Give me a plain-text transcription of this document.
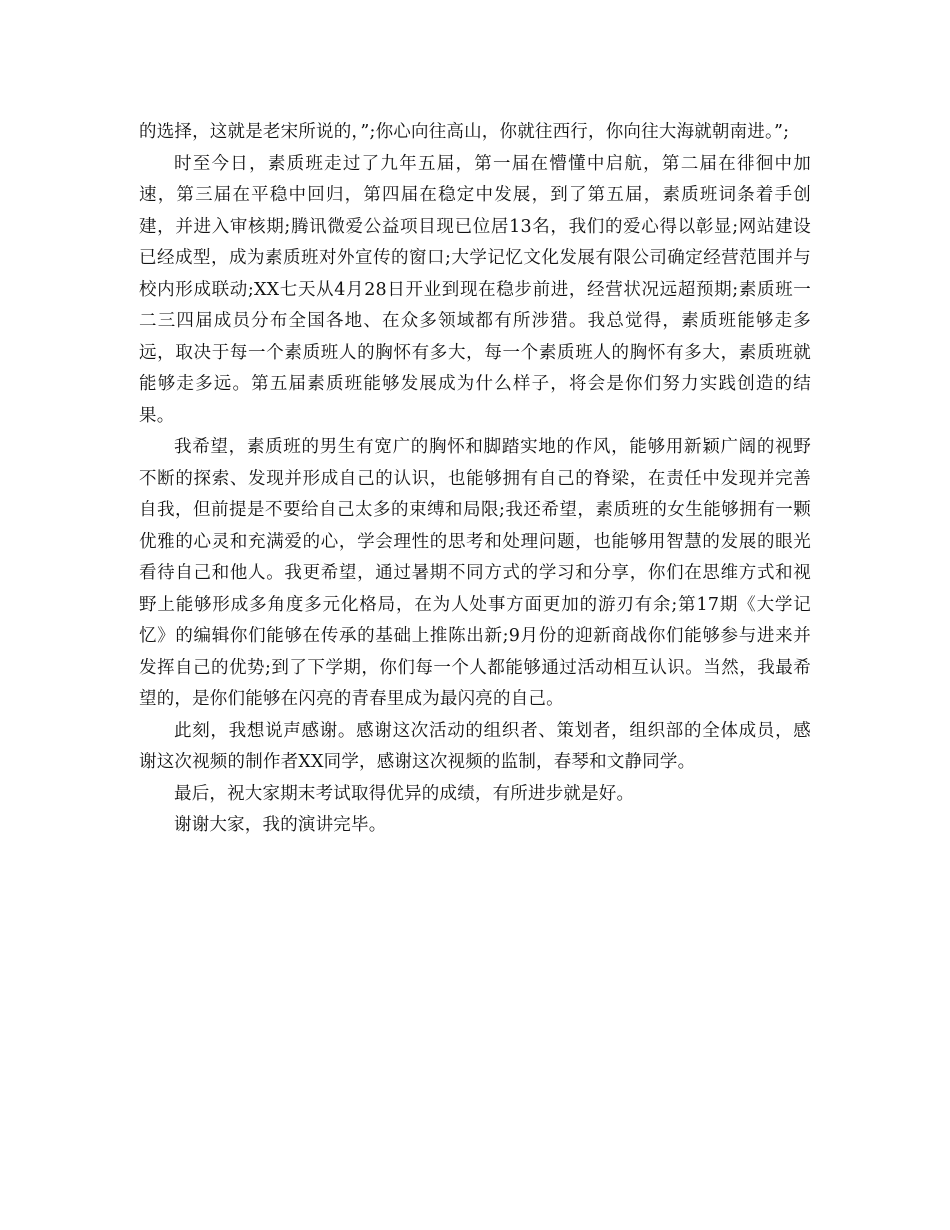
的选择，这就是老宋所说的，”;你心向往高山，你就往西行，你向往大海就朝南进。”;

时至今日，素质班走过了九年五届，第一届在懵懂中启航，第二届在徘徊中加速，第三届在平稳中回归，第四届在稳定中发展，到了第五届，素质班词条着手创建，并进入审核期;腾讯微爱公益项目现已位居13名，我们的爱心得以彰显;网站建设已经成型，成为素质班对外宣传的窗口;大学记忆文化发展有限公司确定经营范围并与校内形成联动;XX七天从4月28日开业到现在稳步前进，经营状况远超预期;素质班一二三四届成员分布全国各地、在众多领域都有所涉猎。我总觉得，素质班能够走多远，取决于每一个素质班人的胸怀有多大，每一个素质班人的胸怀有多大，素质班就能够走多远。第五届素质班能够发展成为什么样子，将会是你们努力实践创造的结果。

我希望，素质班的男生有宽广的胸怀和脚踏实地的作风，能够用新颖广阔的视野不断的探索、发现并形成自己的认识，也能够拥有自己的脊梁，在责任中发现并完善自我，但前提是不要给自己太多的束缚和局限;我还希望，素质班的女生能够拥有一颗优雅的心灵和充满爱的心，学会理性的思考和处理问题，也能够用智慧的发展的眼光看待自己和他人。我更希望，通过暑期不同方式的学习和分享，你们在思维方式和视野上能够形成多角度多元化格局，在为人处事方面更加的游刃有余;第17期《大学记忆》的编辑你们能够在传承的基础上推陈出新;9月份的迎新商战你们能够参与进来并发挥自己的优势;到了下学期，你们每一个人都能够通过活动相互认识。当然，我最希望的，是你们能够在闪亮的青春里成为最闪亮的自己。

此刻，我想说声感谢。感谢这次活动的组织者、策划者，组织部的全体成员，感谢这次视频的制作者XX同学，感谢这次视频的监制，春琴和文静同学。

最后，祝大家期末考试取得优异的成绩，有所进步就是好。

谢谢大家，我的演讲完毕。
